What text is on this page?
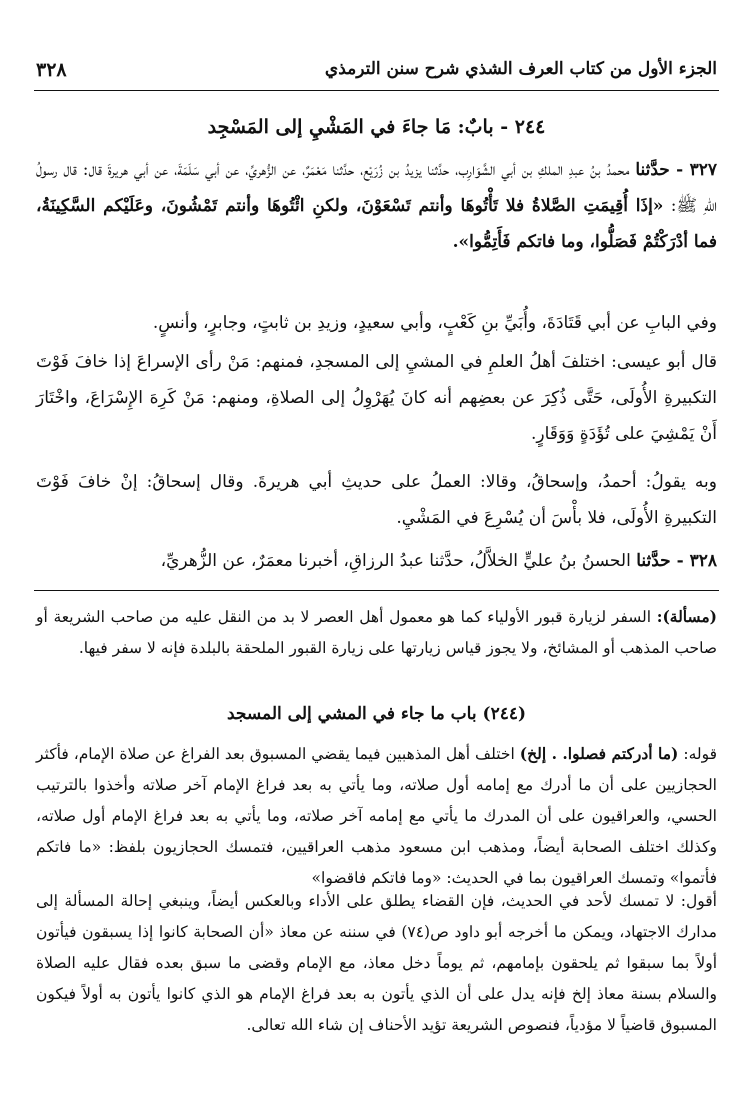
الجزء الأول من كتاب العرف الشذي شرح سنن الترمذي
٣٢٨
٢٤٤ - بابٌ: مَا جاءَ في المَشْيِ إلى المَسْجِد
٣٢٧ - حدَّثنا محمدُ بنُ عبدِ الملكِ بن أبي الشَّوَارِب، حدَّثنا يزيدُ بن زُرَيْع، حدَّثنا مَعْمَرٌ، عن الزُّهريِّ، عن أبي سَلَمَةَ، عن أبي هريرةَ قال: قال رسولُ اللهِ ﷺ: «إذَا أُقِيمَتِ الصَّلاةُ فلا تَأْتُوهَا وأنتم تَسْعَوْنَ، ولكنِ ائْتُوهَا وأنتم تَمْشُونَ، وعَلَيْكم السَّكِينَةُ، فما أدْرَكْتُمْ فَصَلُّوا، وما فاتكم فَأَتِمُّوا».
وفي البابِ عن أبي قَتَادَةَ، وأُبَيِّ بنِ كَعْبٍ، وأبي سعيدٍ، وزيدِ بن ثابتٍ، وجابرٍ، وأنسٍ.
قال أبو عيسى: اختلفَ أهلُ العلمِ في المشيِ إلى المسجدِ، فمنهم: مَنْ رأى الإسراعَ إذا خافَ فَوْتَ التكبيرةِ الأُولَى، حَتَّى ذُكِرَ عن بعضِهم أنه كانَ يُهَرْوِلُ إلى الصلاةِ، ومنهم: مَنْ كَرِهَ الإِسْرَاعَ، واخْتَارَ أَنْ يَمْشِيَ على تُؤَدَةٍ وَوَقَارٍ.
وبه يقولُ: أحمدُ، وإسحاقُ، وقالا: العملُ على حديثِ أبي هريرةَ. وقال إسحاقُ: إنْ خافَ فَوْتَ التكبيرةِ الأُولَى، فلا بأْسَ أن يُسْرِعَ في المَشْيِ.
٣٢٨ - حدَّثنا الحسنُ بنُ عليٍّ الخلاَّلُ، حدَّثنا عبدُ الرزاقِ، أخبرنا معمَرٌ، عن الزُّهريِّ،
(مسألة): السفر لزيارة قبور الأولياء كما هو معمول أهل العصر لا بد من النقل عليه من صاحب الشريعة أو صاحب المذهب أو المشائخ، ولا يجوز قياس زيارتها على زيارة القبور الملحقة بالبلدة فإنه لا سفر فيها.
(٢٤٤) باب ما جاء في المشي إلى المسجد
قوله: (ما أدركتم فصلوا. . إلخ) اختلف أهل المذهبين فيما يقضي المسبوق بعد الفراغ عن صلاة الإمام، فأكثر الحجازيين على أن ما أدرك مع إمامه أول صلاته، وما يأتي به بعد فراغ الإمام آخر صلاته وأخذوا بالترتيب الحسي، والعراقيون على أن المدرك ما يأتي مع إمامه آخر صلاته، وما يأتي به بعد فراغ الإمام أول صلاته، وكذلك اختلف الصحابة أيضاً، ومذهب ابن مسعود مذهب العراقيين، فتمسك الحجازيون بلفظ: «ما فاتكم فأتموا» وتمسك العراقيون بما في الحديث: «وما فاتكم فاقضوا»
أقول: لا تمسك لأحد في الحديث، فإن القضاء يطلق على الأداء وبالعكس أيضاً، وينبغي إحالة المسألة إلى مدارك الاجتهاد، ويمكن ما أخرجه أبو داود ص(٧٤) في سننه عن معاذ «أن الصحابة كانوا إذا يسبقون فيأتون أولاً بما سبقوا ثم يلحقون بإمامهم، ثم يوماً دخل معاذ، مع الإمام وقضى ما سبق بعده فقال عليه الصلاة والسلام بسنة معاذ إلخ فإنه يدل على أن الذي يأتون به بعد فراغ الإمام هو الذي كانوا يأتون به أولاً فيكون المسبوق قاضياً لا مؤدياً، فنصوص الشريعة تؤيد الأحناف إن شاء الله تعالى.
